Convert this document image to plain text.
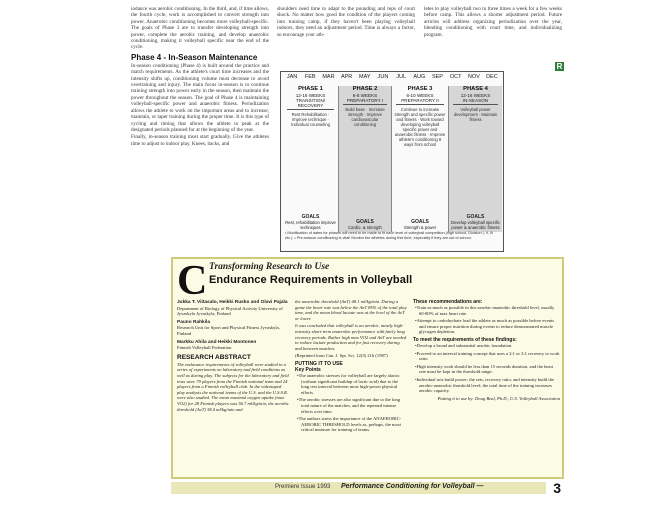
iodance was aerobic conditioning. In the third, and, if time allows, the fourth cycle, work is accomplished to convert strength into power. Anaerobic conditioning becomes more volleyball-specific. The goals of Phase 3 are to transfer developing strength into power, complete the aerobic training, and develop anaerobic conditioning, making it volleyball specific near the end of the cycle.

Phase 4 - In-Season Maintenance

In-season conditioning (Phase 4) is built around the practice and match requirements. As the athlete's court time increases and the intensity shifts up, conditioning volume must decrease to avoid overtraining and injury. The main focus in-season is to continue training strength into power early in the season, then maintain the power throughout the season. The goal of Phase 4 is maintaining volleyball-specific power and anaerobic fitness. Periodization allows the athlete to work on the important areas and to increase, maintain, or taper training during the proper time. It is this type of cycling and timing that allows the athlete to peak at the designated periods planned for at the beginning of the year.

Finally, in-season training must start gradually. Give the athletes time to adjust to indoor play. Knees, backs, and

shoulders need time to adapt to the pounding and reps of court shock. No matter how good the condition of the players coming into training camp, if they haven't been playing volleyball indoors, they need an adjustment period. Time is always a factor, so encourage your ath-

letes to play volleyball two to three times a week for a few weeks before camp. This allows a shorter adjustment period. Future articles will address organizing periodization over the year, blending conditioning with court time, and individualizing program.

R
JAN	FEB	MAR	APR	MAY	JUN	JUL	AUG	SEP	OCT	NOV	DEC
PHASE 1
12-16 WEEKS
TRANSITION/ RECOVERY
Rest Rehabilitation · Improve technique · Individual counseling
GOALS
Rest, rehabilitation improve techniques
PHASE 2
6-8 WEEKS
PREPARATORY I
Build base · Increase strength · Improve cardiovascular conditioning
GOALS
Cardio. & strength
PHASE 3
6-10 WEEKS
PREPARATORY II
Continue to increase strength and specific power and fitness · Work toward developing volleyball specific power and anaerobic fitness · Improve athlete's conditioning 8 ways from school
GOALS
Strength & power
PHASE 4
12-16 WEEKS
IN-SEASON
Volleyball power development · Maintain fitness
GOALS
Develop volleyball specific power & anaerobic fitness
• Modification of dates for phases will need to be made to fit each level of volleyball competition (high school, Division I, II, III etc.). • Pre-season conditioning is vital! Monitor the athletes during this time, especially if they are out of school.
C Transforming Research to Use
Endurance Requirements in Volleyball

Jukka T. Viitasalo, Heikki Rusko and Olavi Pajala
Department of Biology of Physical Activity University of Jyvaskyla Jyvaskyla, Finland

Pauno Rahkila
Research Unit for Sport and Physical Fitness Jyvaskyla, Finland

Markku Ahila and Heikki Montonen
Finnish Volleyball Federation

RESEARCH ABSTRACT

The endurance requirements of volleyball were studied in a series of experiments on laboratory and field conditions as well as during play. The subjects for the laboratory and field tests were 79 players from the Finnish national team and 24 players from a Finnish volleyball club. In the videotaped play analysis the national teams of the U.S. and the U.S.S.R. were also studied. The mean maximal oxygen uptake (max VO2) for 28 Finnish players was 56.7 ml/kg/min, the aerobic threshold (AeT) 38.4 ml/kg/min and

the anaerobic threshold (AnT) 48.1 ml/kg/min. During a game the heart rate was below the AnT 85% of the total play time, and the mean blood lactate was at the level of the AeT or lower.

It was concluded that volleyball is an aerobic, mostly high-intensity short-term anaerobic performance with fairly long recovery periods. Rather high max VO2 and AnT are needed to reduce lactate production and for fast recovery during and between matches.

(Reprinted from Can. J. Spt. Sci. 12(3) 216 (1987)

PUTTING IT TO USE
Key Points

• The anaerobic stresses for volleyball are largely alactic (without significant buildup of lactic acid) due to the long rest interval between most high-power physical efforts.

• The aerobic stresses are also significant due to the long total nature of the matches, and the repeated intense efforts over time.

• The authors stress the importance of the ANAEROBIC-AEROBIC THRESHOLD levels as, perhaps, the most critical measure for training of teams.

These recommendations are:

• Train as much as possible in this aerobic-anaerobic threshold level, usually 60-80% of max heart rate.

• Attempt to carbohydrate load the athlete as much as possible before events and ensure proper nutrition during events to reduce demonstrated muscle glycogen depletion.

To meet the requirements of these findings:

• Develop a broad and substantial aerobic foundation.

• Proceed to an interval training concept that uses a 2:1 or 3:1 recovery to work ratio.

• High intensity work should be less than 15 seconds duration, and the heart rate must be kept in the threshold range.

• Individual sets build power; the sets, recovery ratio, and intensity build the aerobic-anaerobic threshold level; the total time of the training increases aerobic capacity.

Putting it to use by: Doug Beal, Ph.D., U.S. Volleyball Association

Premiere Issue 1993 Performance Conditioning for Volleyball —	3
